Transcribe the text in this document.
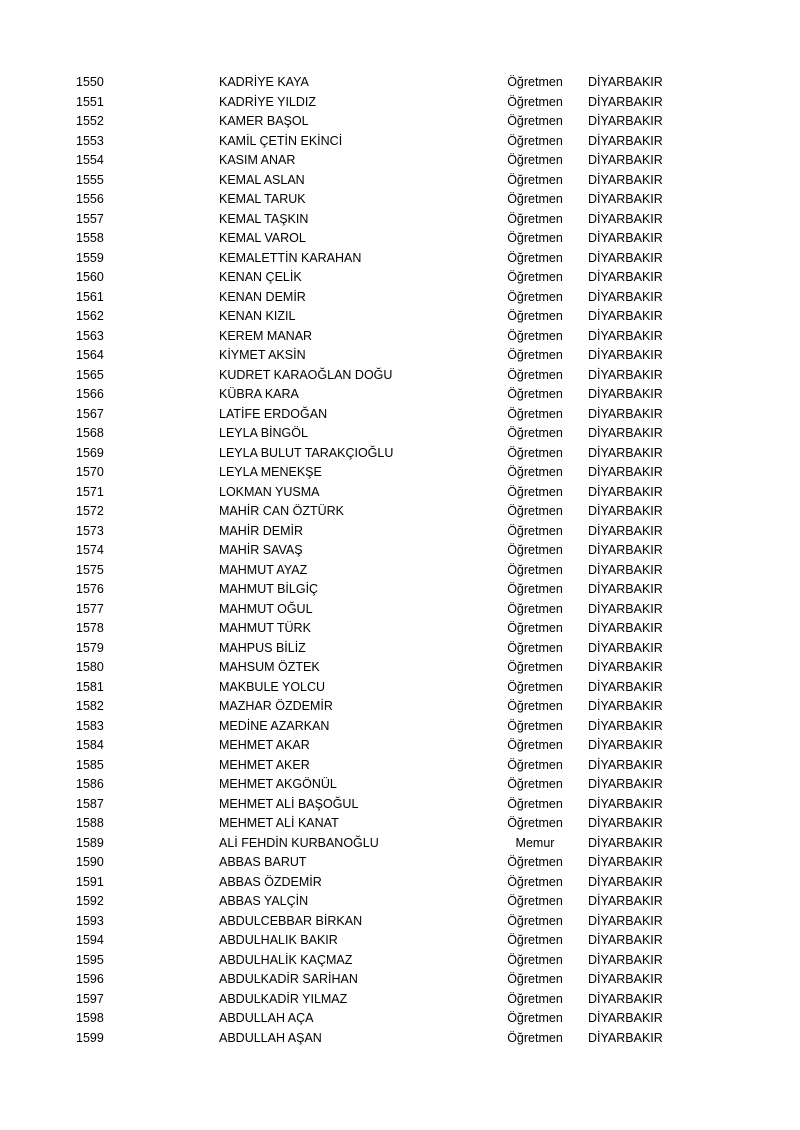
1550	KADRİYE KAYA	Öğretmen	DİYARBAKIR
1551	KADRİYE YILDIZ	Öğretmen	DİYARBAKIR
1552	KAMER BAŞOL	Öğretmen	DİYARBAKIR
1553	KAMİL ÇETİN EKİNCİ	Öğretmen	DİYARBAKIR
1554	KASIM ANAR	Öğretmen	DİYARBAKIR
1555	KEMAL ASLAN	Öğretmen	DİYARBAKIR
1556	KEMAL TARUK	Öğretmen	DİYARBAKIR
1557	KEMAL TAŞKIN	Öğretmen	DİYARBAKIR
1558	KEMAL VAROL	Öğretmen	DİYARBAKIR
1559	KEMALETTİN KARAHAN	Öğretmen	DİYARBAKIR
1560	KENAN ÇELİK	Öğretmen	DİYARBAKIR
1561	KENAN DEMİR	Öğretmen	DİYARBAKIR
1562	KENAN KIZIL	Öğretmen	DİYARBAKIR
1563	KEREM MANAR	Öğretmen	DİYARBAKIR
1564	KİYMET AKSİN	Öğretmen	DİYARBAKIR
1565	KUDRET KARAOĞLAN DOĞU	Öğretmen	DİYARBAKIR
1566	KÜBRA KARA	Öğretmen	DİYARBAKIR
1567	LATİFE ERDOĞAN	Öğretmen	DİYARBAKIR
1568	LEYLA BİNGÖL	Öğretmen	DİYARBAKIR
1569	LEYLA BULUT TARAKÇIOĞLU	Öğretmen	DİYARBAKIR
1570	LEYLA MENEKŞE	Öğretmen	DİYARBAKIR
1571	LOKMAN YUSMA	Öğretmen	DİYARBAKIR
1572	MAHİR CAN ÖZTÜRK	Öğretmen	DİYARBAKIR
1573	MAHİR DEMİR	Öğretmen	DİYARBAKIR
1574	MAHİR SAVAŞ	Öğretmen	DİYARBAKIR
1575	MAHMUT AYAZ	Öğretmen	DİYARBAKIR
1576	MAHMUT BİLGİÇ	Öğretmen	DİYARBAKIR
1577	MAHMUT OĞUL	Öğretmen	DİYARBAKIR
1578	MAHMUT TÜRK	Öğretmen	DİYARBAKIR
1579	MAHPUS BİLİZ	Öğretmen	DİYARBAKIR
1580	MAHSUM ÖZTEK	Öğretmen	DİYARBAKIR
1581	MAKBULE YOLCU	Öğretmen	DİYARBAKIR
1582	MAZHAR ÖZDEMİR	Öğretmen	DİYARBAKIR
1583	MEDİNE AZARKAN	Öğretmen	DİYARBAKIR
1584	MEHMET AKAR	Öğretmen	DİYARBAKIR
1585	MEHMET AKER	Öğretmen	DİYARBAKIR
1586	MEHMET AKGÖNÜL	Öğretmen	DİYARBAKIR
1587	MEHMET ALİ BAŞOĞUL	Öğretmen	DİYARBAKIR
1588	MEHMET ALİ KANAT	Öğretmen	DİYARBAKIR
1589	ALİ FEHDİN KURBANOĞLU	Memur	DİYARBAKIR
1590	ABBAS BARUT	Öğretmen	DİYARBAKIR
1591	ABBAS ÖZDEMİR	Öğretmen	DİYARBAKIR
1592	ABBAS YALÇİN	Öğretmen	DİYARBAKIR
1593	ABDULCEBBAR BİRKAN	Öğretmen	DİYARBAKIR
1594	ABDULHALIK BAKIR	Öğretmen	DİYARBAKIR
1595	ABDULHALİK KAÇMAZ	Öğretmen	DİYARBAKIR
1596	ABDULKADİR SARİHAN	Öğretmen	DİYARBAKIR
1597	ABDULKADİR YILMAZ	Öğretmen	DİYARBAKIR
1598	ABDULLAH AÇA	Öğretmen	DİYARBAKIR
1599	ABDULLAH AŞAN	Öğretmen	DİYARBAKIR
